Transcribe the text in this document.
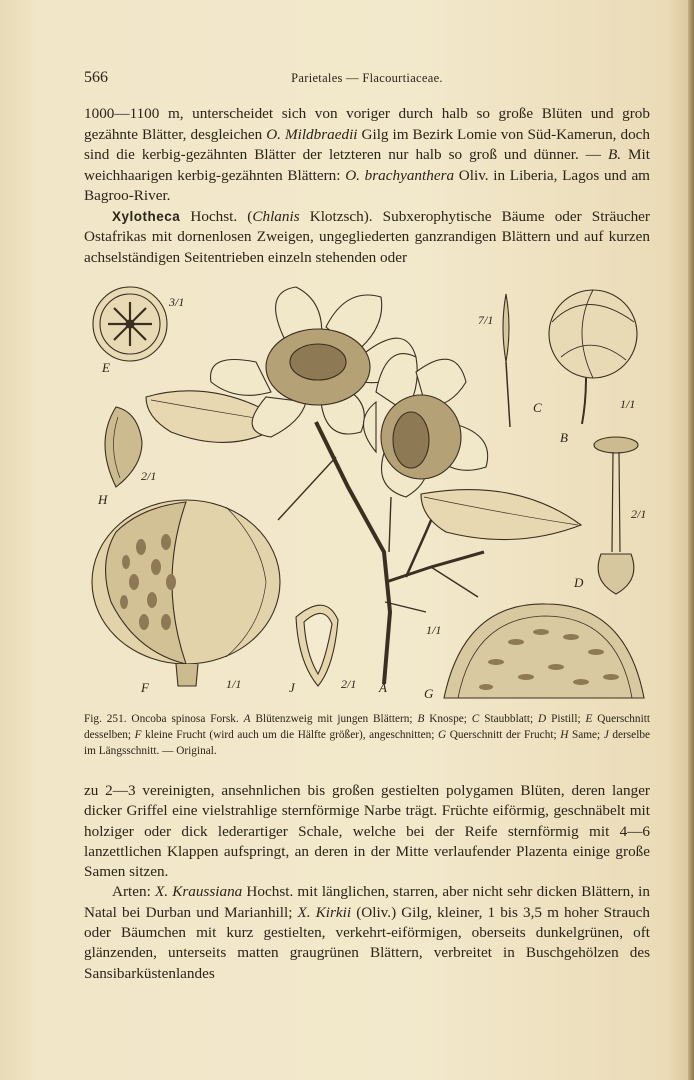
566	Parietales — Flacourtiaceae.

1000—1100 m, unterscheidet sich von voriger durch halb so große Blüten und grob gezähnte Blätter, desgleichen O. Mildbraedii Gilg im Bezirk Lomie von Süd-Kamerun, doch sind die kerbig-gezähnten Blätter der letzteren nur halb so groß und dünner. — B. Mit weichhaarigen kerbig-gezähnten Blättern: O. brachyanthera Oliv. in Liberia, Lagos und am Bagroo-River.

Xylotheca Hochst. (Chlanis Klotzsch). Subxerophytische Bäume oder Sträucher Ostafrikas mit dornenlosen Zweigen, ungegliederten ganzrandigen Blättern und auf kurzen achselständigen Seitentrieben einzeln stehenden oder

E
3/1
H
2/1
F	1/1	J	2/1 A
1/1
G
C
7/1
B
1/1
D
2/1
Fig. 251. Oncoba spinosa Forsk. A Blütenzweig mit jungen Blättern; B Knospe; C Staubblatt; D Pistill; E Querschnitt desselben; F kleine Frucht (wird auch um die Hälfte größer), angeschnitten; G Querschnitt der Frucht; H Same; J derselbe im Längsschnitt. — Original.

zu 2—3 vereinigten, ansehnlichen bis großen gestielten polygamen Blüten, deren langer dicker Griffel eine vielstrahlige sternförmige Narbe trägt. Früchte eiförmig, geschnäbelt mit holziger oder dick lederartiger Schale, welche bei der Reife sternförmig mit 4—6 lanzettlichen Klappen aufspringt, an deren in der Mitte verlaufender Plazenta einige große Samen sitzen.

Arten: X. Kraussiana Hochst. mit länglichen, starren, aber nicht sehr dicken Blättern, in Natal bei Durban und Marianhill; X. Kirkii (Oliv.) Gilg, kleiner, 1 bis 3,5 m hoher Strauch oder Bäumchen mit kurz gestielten, verkehrt-eiförmigen, oberseits dunkelgrünen, oft glänzenden, unterseits matten graugrünen Blättern, verbreitet in Buschgehölzen des Sansibarküstenlandes
